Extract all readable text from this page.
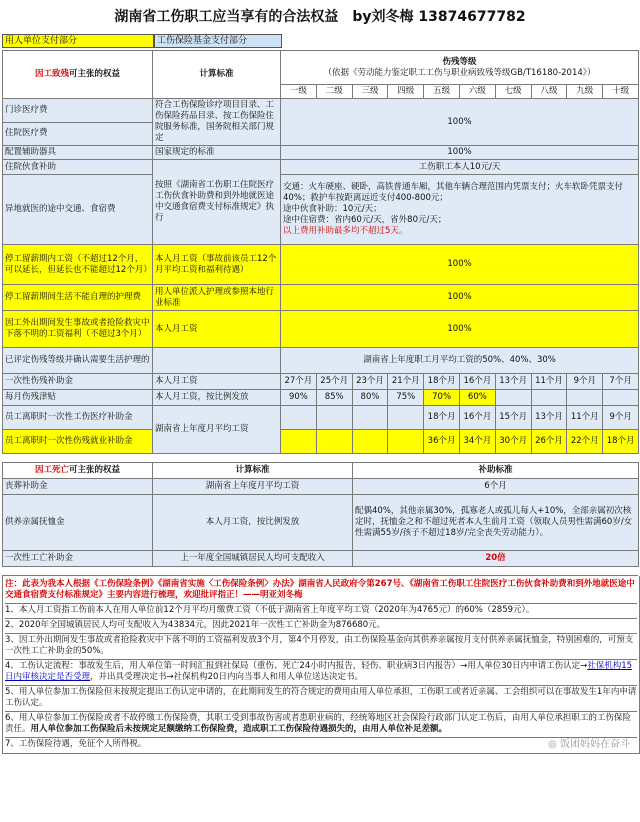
湖南省工伤职工应当享有的合法权益　by刘冬梅 13874677782
用人单位支付部分	工伤保险基金支付部分
因工致残可主张的权益	计算标准	伤残等级
（依据《劳动能力鉴定职工工伤与职业病致残等级GB/T16180-2014》）									

		一级	二级	三级	四级	五级	六级	七级	八级	九级	十级
门诊医疗费	符合工伤保险诊疗项目目录、工伤保险药品目录、按工伤保险住院服务标准，国务院相关部门规定	100%									
住院医疗费											
配置辅助器具	国家规定的标准	100%									
住院伙食补助	按照《湖南省工伤职工住院医疗工伤伙食补助费和到外地就医途中交通食宿费支付标准规定》执行	工伤职工本人10元/天									
异地就医的途中交通、食宿费		交通：火车硬座、硬卧，高铁普通车厢，其他车辆合理范围内凭票支付；火车软卧凭票支付40%；救护车按距离远近支付400-800元；
途中伙食补助：10元/天；
途中住宿费：省内60元/天，省外80元/天；
以上费用补助最多均不超过5天。									

停工留薪期内工资（不超过12个月，可以延长，但延长也不能超过12个月）	本人月工资（事故前该员工12个月平均工资和福利待遇）	100%									
停工留薪期间生活不能自理的护理费	用人单位派人护理或参照本地行业标准	100%									
因工外出期间发生事故或者抢险救灾中下落不明的工资福利（不超过3个月）	本人月工资	100%									
已评定伤残等级并确认需要生活护理的		湖南省上年度职工月平均工资的50%、40%、30%									
一次性伤残补助金	本人月工资	27个月	25个月	23个月	21个月	18个月	16个月	13个月	11个月	9个月	7个月
每月伤残津贴	本人月工资，按比例发放	90%	85%	80%	75%	70%	60%				
员工离职时一次性工伤医疗补助金	湖南省上年度月平均工资					18个月	16个月	15个月	13个月	11个月	9个月
员工离职时一次性伤残就业补助金						36个月	34个月	30个月	26个月	22个月	18个月
因工死亡可主张的权益	计算标准	补助标准
丧葬补助金	湖南省上年度月平均工资	6个月
供养亲属抚恤金	本人月工资，按比例发放	配偶40%，其他亲属30%，孤寡老人或孤儿每人+10%，全部亲属初次核定时，抚恤金之和不超过死者本人生前月工资（领取人员男性需满60岁/女性需满55岁/孩子不超过18岁/完全丧失劳动能力）。
一次性工亡补助金	上一年度全国城镇居民人均可支配收入	20倍
注：此表为我本人根据《工伤保险条例》《湖南省实施〈工伤保险条例〉办法》湖南省人民政府令第267号、《湖南省工伤职工住院医疗工伤伙食补助费和到外地就医途中交通食宿费支付标准规定》主要内容进行梳理，欢迎批评指正！——明亚刘冬梅
1、本人月工资指工伤前本人在用人单位前12个月平均月缴费工资（不低于湖南省上年度平均工资（2020年为4765元）的60%（2859元）。
2、2020年全国城镇居民人均可支配收入为43834元，因此2021年一次性工亡补助金为876680元。
3、因工外出期间发生事故或者抢险救灾中下落不明的工资福利发放3个月，第4个月停发，由工伤保险基金向其供养亲属按月支付供养亲属抚恤金，特别困难的，可预支一次性工亡补助金的50%。
4、工伤认定流程：事故发生后，用人单位第一时间汇报到社保局（重伤、死亡24小时内报告，轻伤、职业病3日内报告）→用人单位30日内申请工伤认定→社保机构15日内审核决定是否受理，并出具受理决定书→社保机构20日内向当事人和用人单位送达决定书。
5、用人单位参加工伤保险但未按规定提出工伤认定申请的，在此期间发生的符合规定的费用由用人单位承担，工伤职工或者近亲属、工会组织可以在事故发生1年内申请工伤认定。
6、用人单位参加工伤保险或者不故停缴工伤保险费，其职工受到事故伤害或者患职业病的，经统筹地区社会保险行政部门认定工伤后，由用人单位承担职工的工伤保险责任。用人单位参加工伤保险后未按规定足额缴纳工伤保险费，造成职工工伤保险待遇损失的，由用人单位补足差额。
7、工伤保险待遇，免征个人所得税。	◎ 饭团妈妈在奋斗
